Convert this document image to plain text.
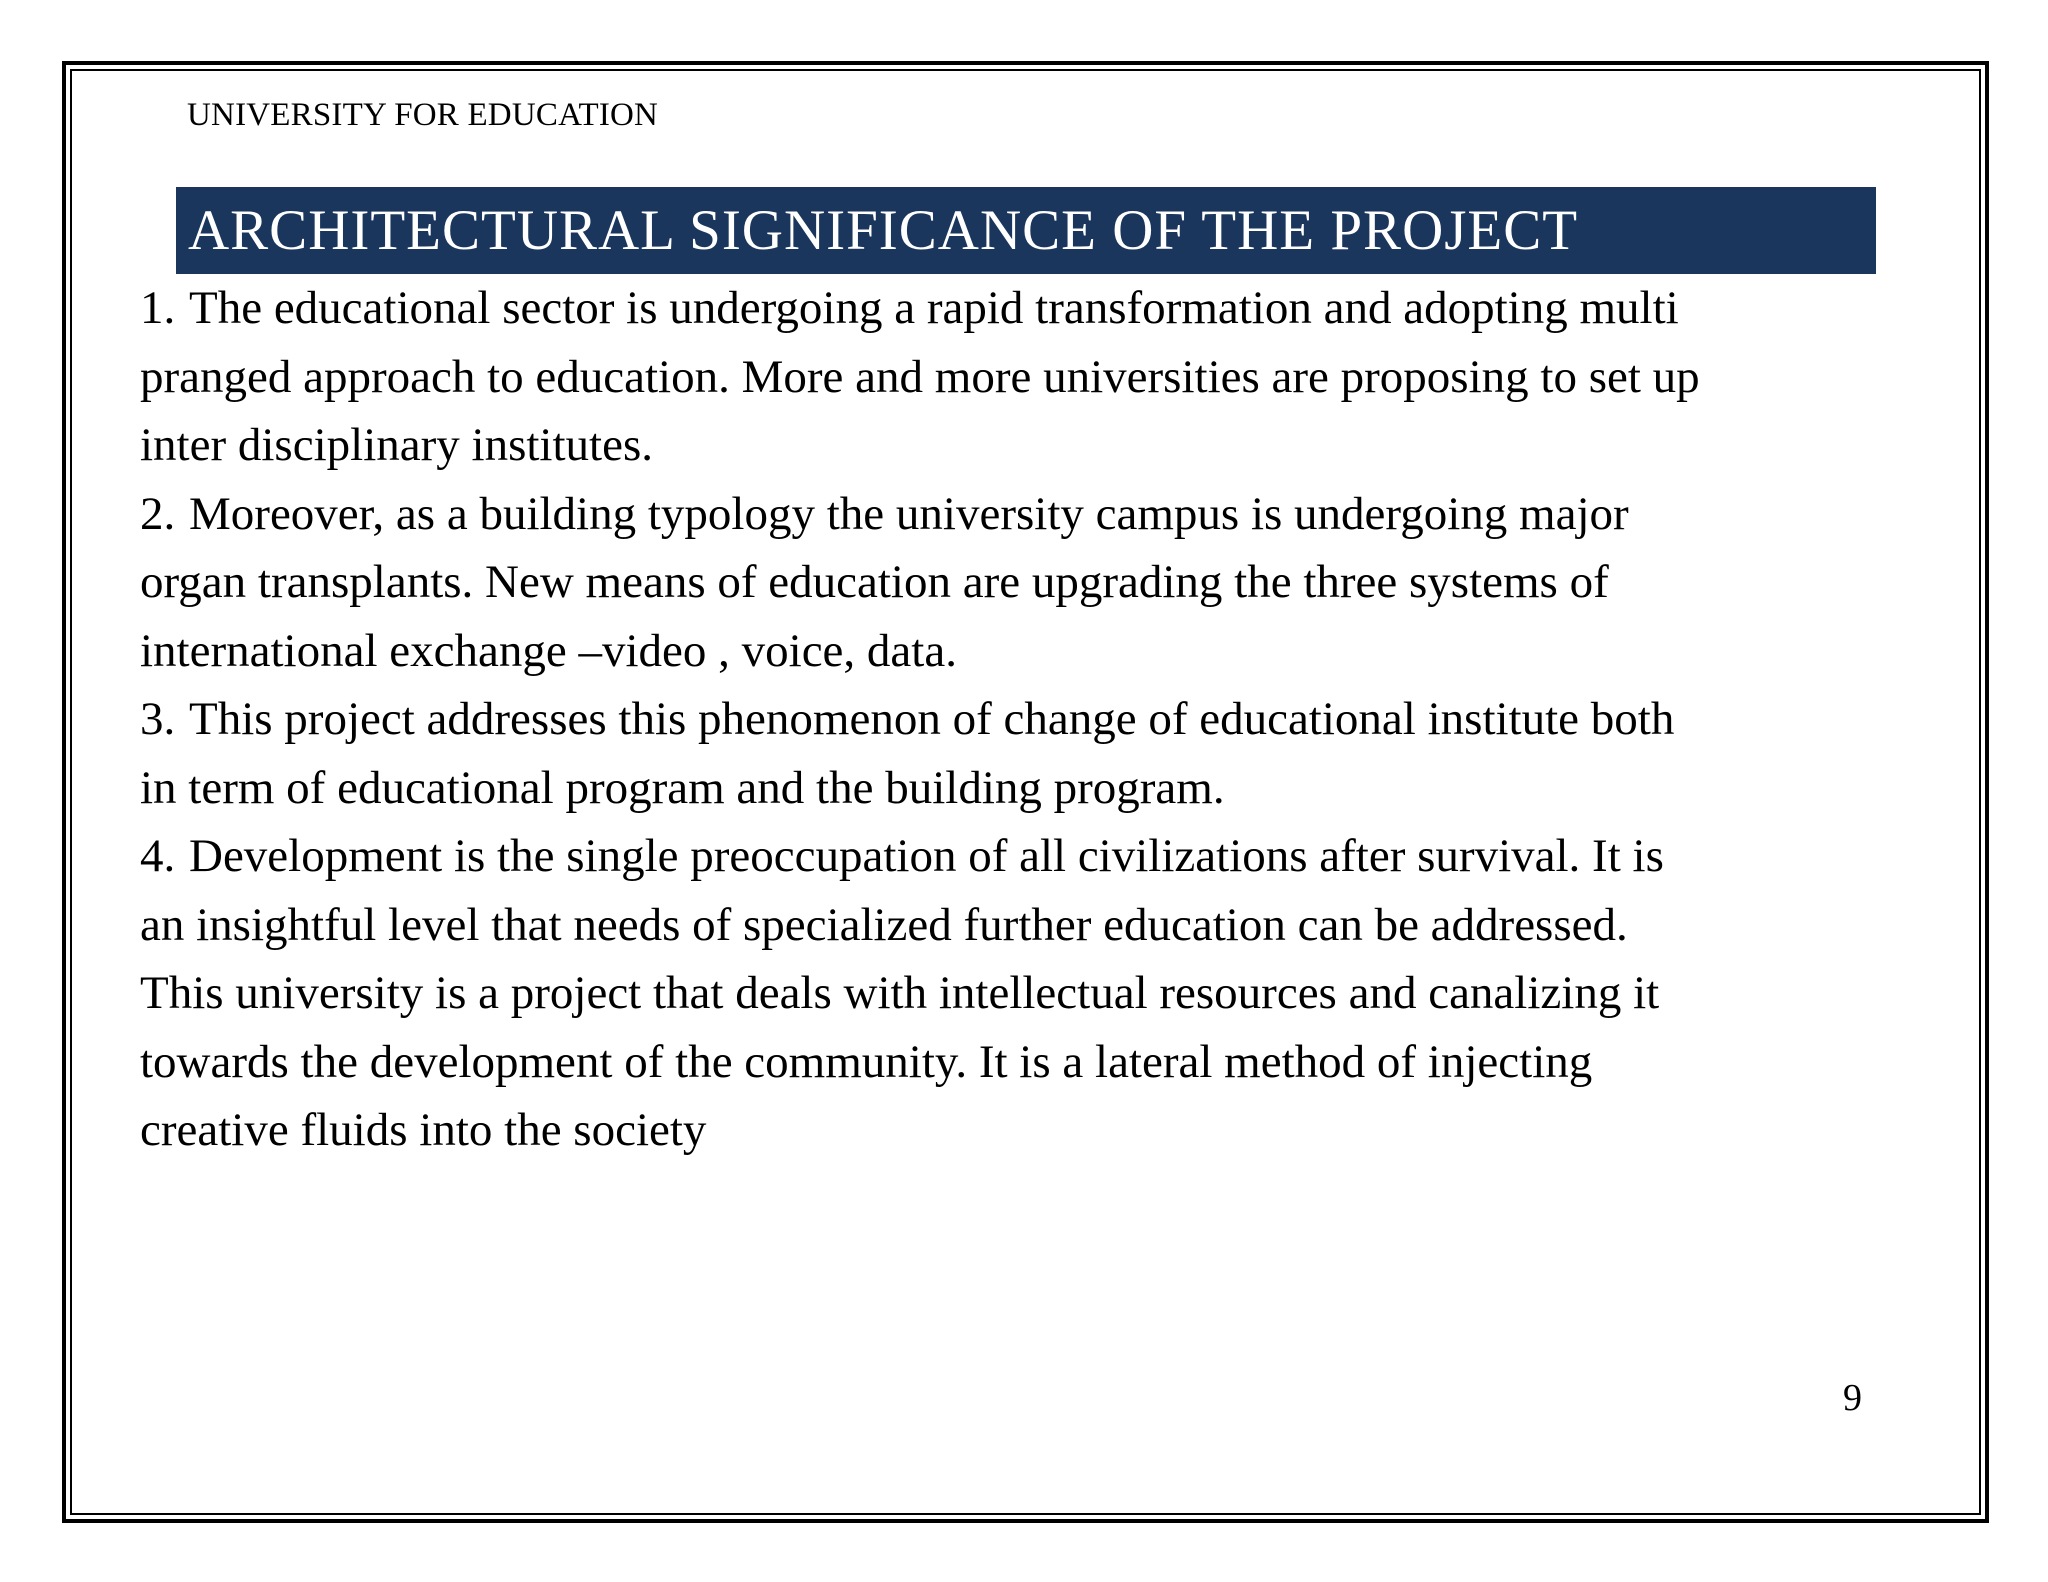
UNIVERSITY FOR EDUCATION
ARCHITECTURAL SIGNIFICANCE OF THE PROJECT
1. The educational sector is undergoing a rapid transformation and adopting multi
pranged approach to education. More and more universities are proposing to set up
inter disciplinary institutes.
2. Moreover, as a building typology the university campus is undergoing major
organ transplants. New means of education are upgrading the three systems of
international exchange –video , voice, data.
3. This project addresses this phenomenon of change of educational institute both
in term of educational program and the building program.
4. Development is the single preoccupation of all civilizations after survival. It is
an insightful level that needs of specialized further education can be addressed.
This university is a project that deals with intellectual resources and canalizing it
towards the development of the community. It is a lateral method of injecting
creative fluids into the society
9
